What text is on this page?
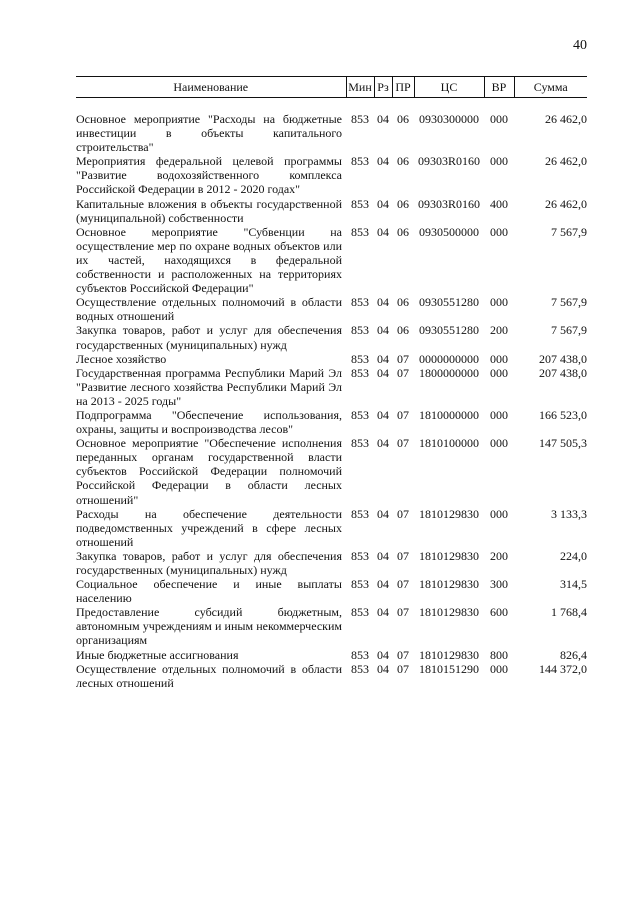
40
Наименование	Мин	Рз	ПР	ЦС	ВР	Сумма
Основное мероприятие "Расходы на бюджетные инвестиции в объекты капитального строительства"	853	04	06	0930300000	000	26 462,0
Мероприятия федеральной целевой программы "Развитие водохозяйственного комплекса Российской Федерации в 2012 - 2020 годах"	853	04	06	09303R0160	000	26 462,0
Капитальные вложения в объекты государственной (муниципальной) собственности	853	04	06	09303R0160	400	26 462,0
Основное мероприятие "Субвенции на осуществление мер по охране водных объектов или их частей, находящихся в федеральной собственности и расположенных на территориях субъектов Российской Федерации"	853	04	06	0930500000	000	7 567,9
Осуществление отдельных полномочий в области водных отношений	853	04	06	0930551280	000	7 567,9
Закупка товаров, работ и услуг для обеспечения государственных (муниципальных) нужд	853	04	06	0930551280	200	7 567,9
Лесное хозяйство	853	04	07	0000000000	000	207 438,0
Государственная программа Республики Марий Эл "Развитие лесного хозяйства Республики Марий Эл на 2013 - 2025 годы"	853	04	07	1800000000	000	207 438,0
Подпрограмма "Обеспечение использования, охраны, защиты и воспроизводства лесов"	853	04	07	1810000000	000	166 523,0
Основное мероприятие "Обеспечение исполнения переданных органам государственной власти субъектов Российской Федерации полномочий Российской Федерации в области лесных отношений"	853	04	07	1810100000	000	147 505,3
Расходы на обеспечение деятельности подведомственных учреждений в сфере лесных отношений	853	04	07	1810129830	000	3 133,3
Закупка товаров, работ и услуг для обеспечения государственных (муниципальных) нужд	853	04	07	1810129830	200	224,0
Социальное обеспечение и иные выплаты населению	853	04	07	1810129830	300	314,5
Предоставление субсидий бюджетным, автономным учреждениям и иным некоммерческим организациям	853	04	07	1810129830	600	1 768,4
Иные бюджетные ассигнования	853	04	07	1810129830	800	826,4
Осуществление отдельных полномочий в области лесных отношений	853	04	07	1810151290	000	144 372,0
